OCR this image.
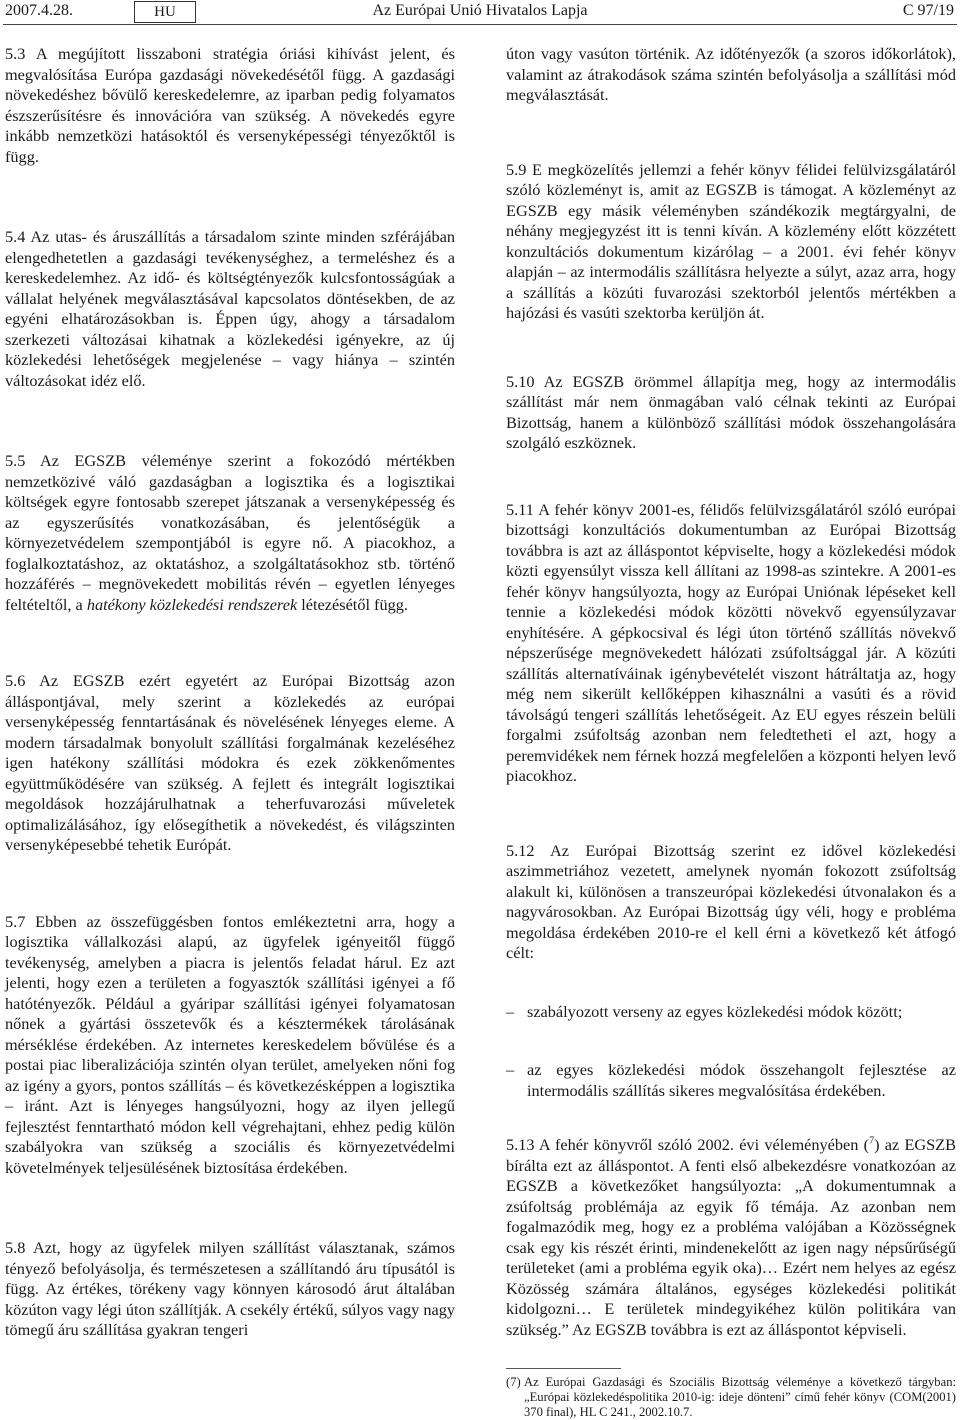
2007.4.28.	HU	Az Európai Unió Hivatalos Lapja	C 97/19

5.3 A megújított lisszaboni stratégia óriási kihívást jelent, és megvalósítása Európa gazdasági növekedésétől függ. A gazdasági növekedéshez bővülő kereskedelemre, az iparban pedig folyamatos észszerűsítésre és innovációra van szükség. A növekedés egyre inkább nemzetközi hatásoktól és versenyképességi tényezőktől is függ.

5.4 Az utas- és áruszállítás a társadalom szinte minden szférájában elengedhetetlen a gazdasági tevékenységhez, a termeléshez és a kereskedelemhez. Az idő- és költségtényezők kulcsfontosságúak a vállalat helyének megválasztásával kapcsolatos döntésekben, de az egyéni elhatározásokban is. Éppen úgy, ahogy a társadalom szerkezeti változásai kihatnak a közlekedési igényekre, az új közlekedési lehetőségek megjelenése – vagy hiánya – szintén változásokat idéz elő.

5.5 Az EGSZB véleménye szerint a fokozódó mértékben nemzetközivé váló gazdaságban a logisztika és a logisztikai költségek egyre fontosabb szerepet játszanak a versenyképesség és az egyszerűsítés vonatkozásában, és jelentőségük a környezetvédelem szempontjából is egyre nő. A piacokhoz, a foglalkoztatáshoz, az oktatáshoz, a szolgáltatásokhoz stb. történő hozzáférés – megnövekedett mobilitás révén – egyetlen lényeges feltételtől, a hatékony közlekedési rendszerek létezésétől függ.

5.6 Az EGSZB ezért egyetért az Európai Bizottság azon álláspontjával, mely szerint a közlekedés az európai versenyképesség fenntartásának és növelésének lényeges eleme. A modern társadalmak bonyolult szállítási forgalmának kezeléséhez igen hatékony szállítási módokra és ezek zökkenőmentes együttműködésére van szükség. A fejlett és integrált logisztikai megoldások hozzájárulhatnak a teherfuvarozási műveletek optimalizálásához, így elősegíthetik a növekedést, és világszinten versenyképesebbé tehetik Európát.

5.7 Ebben az összefüggésben fontos emlékeztetni arra, hogy a logisztika vállalkozási alapú, az ügyfelek igényeitől függő tevékenység, amelyben a piacra is jelentős feladat hárul. Ez azt jelenti, hogy ezen a területen a fogyasztók szállítási igényei a fő hatótényezők. Például a gyáripar szállítási igényei folyamatosan nőnek a gyártási összetevők és a késztermékek tárolásának mérséklése érdekében. Az internetes kereskedelem bővülése és a postai piac liberalizációja szintén olyan terület, amelyeken nőni fog az igény a gyors, pontos szállítás – és következésképpen a logisztika – iránt. Azt is lényeges hangsúlyozni, hogy az ilyen jellegű fejlesztést fenntartható módon kell végrehajtani, ehhez pedig külön szabályokra van szükség a szociális és környezetvédelmi követelmények teljesülésének biztosítása érdekében.

5.8 Azt, hogy az ügyfelek milyen szállítást választanak, számos tényező befolyásolja, és természetesen a szállítandó áru típusától is függ. Az értékes, törékeny vagy könnyen károsodó árut általában közúton vagy légi úton szállítják. A csekély értékű, súlyos vagy nagy tömegű áru szállítása gyakran tengeri

úton vagy vasúton történik. Az időtényezők (a szoros időkorlátok), valamint az átrakodások száma szintén befolyásolja a szállítási mód megválasztását.

5.9 E megközelítés jellemzi a fehér könyv félidei felülvizsgálatáról szóló közleményt is, amit az EGSZB is támogat. A közleményt az EGSZB egy másik véleményben szándékozik megtárgyalni, de néhány megjegyzést itt is tenni kíván. A közlemény előtt közzétett konzultációs dokumentum kizárólag – a 2001. évi fehér könyv alapján – az intermodális szállításra helyezte a súlyt, azaz arra, hogy a szállítás a közúti fuvarozási szektorból jelentős mértékben a hajózási és vasúti szektorba kerüljön át.

5.10 Az EGSZB örömmel állapítja meg, hogy az intermodális szállítást már nem önmagában való célnak tekinti az Európai Bizottság, hanem a különböző szállítási módok összehangolására szolgáló eszköznek.

5.11 A fehér könyv 2001-es, félidős felülvizsgálatáról szóló európai bizottsági konzultációs dokumentumban az Európai Bizottság továbbra is azt az álláspontot képviselte, hogy a közlekedési módok közti egyensúlyt vissza kell állítani az 1998-as szintekre. A 2001-es fehér könyv hangsúlyozta, hogy az Európai Uniónak lépéseket kell tennie a közlekedési módok közötti növekvő egyensúlyzavar enyhítésére. A gépkocsival és légi úton történő szállítás növekvő népszerűsége megnövekedett hálózati zsúfoltsággal jár. A közúti szállítás alternatíváinak igénybevételét viszont hátráltatja az, hogy még nem sikerült kellőképpen kihasználni a vasúti és a rövid távolságú tengeri szállítás lehetőségeit. Az EU egyes részein belüli forgalmi zsúfoltság azonban nem feledtetheti el azt, hogy a peremvidékek nem férnek hozzá megfelelően a központi helyen levő piacokhoz.

5.12 Az Európai Bizottság szerint ez idővel közlekedési aszimmetriához vezetett, amelynek nyomán fokozott zsúfoltság alakult ki, különösen a transzeurópai közlekedési útvonalakon és a nagyvárosokban. Az Európai Bizottság úgy véli, hogy e probléma megoldása érdekében 2010-re el kell érni a következő két átfogó célt:

– szabályozott verseny az egyes közlekedési módok között;
– az egyes közlekedési módok összehangolt fejlesztése az intermodális szállítás sikeres megvalósítása érdekében.

5.13 A fehér könyvről szóló 2002. évi véleményében ($^7$) az EGSZB bírálta ezt az álláspontot. A fenti első albekezdésre vonatkozóan az EGSZB a következőket hangsúlyozta: „A dokumentumnak a zsúfoltság problémája az egyik fő témája. Az azonban nem fogalmazódik meg, hogy ez a probléma valójában a Közösségnek csak egy kis részét érinti, mindenekelőtt az igen nagy népsűrűségű területeket (ami a probléma egyik oka)… Ezért nem helyes az egész Közösség számára általános, egységes közlekedési politikát kidolgozni… E területek mindegyikéhez külön politikára van szükség.” Az EGSZB továbbra is ezt az álláspontot képviseli.

(7) Az Európai Gazdasági és Szociális Bizottság véleménye a következő tárgyban: „Európai közlekedéspolitika 2010-ig: ideje dönteni” című fehér könyv (COM(2001) 370 final), HL C 241., 2002.10.7.
